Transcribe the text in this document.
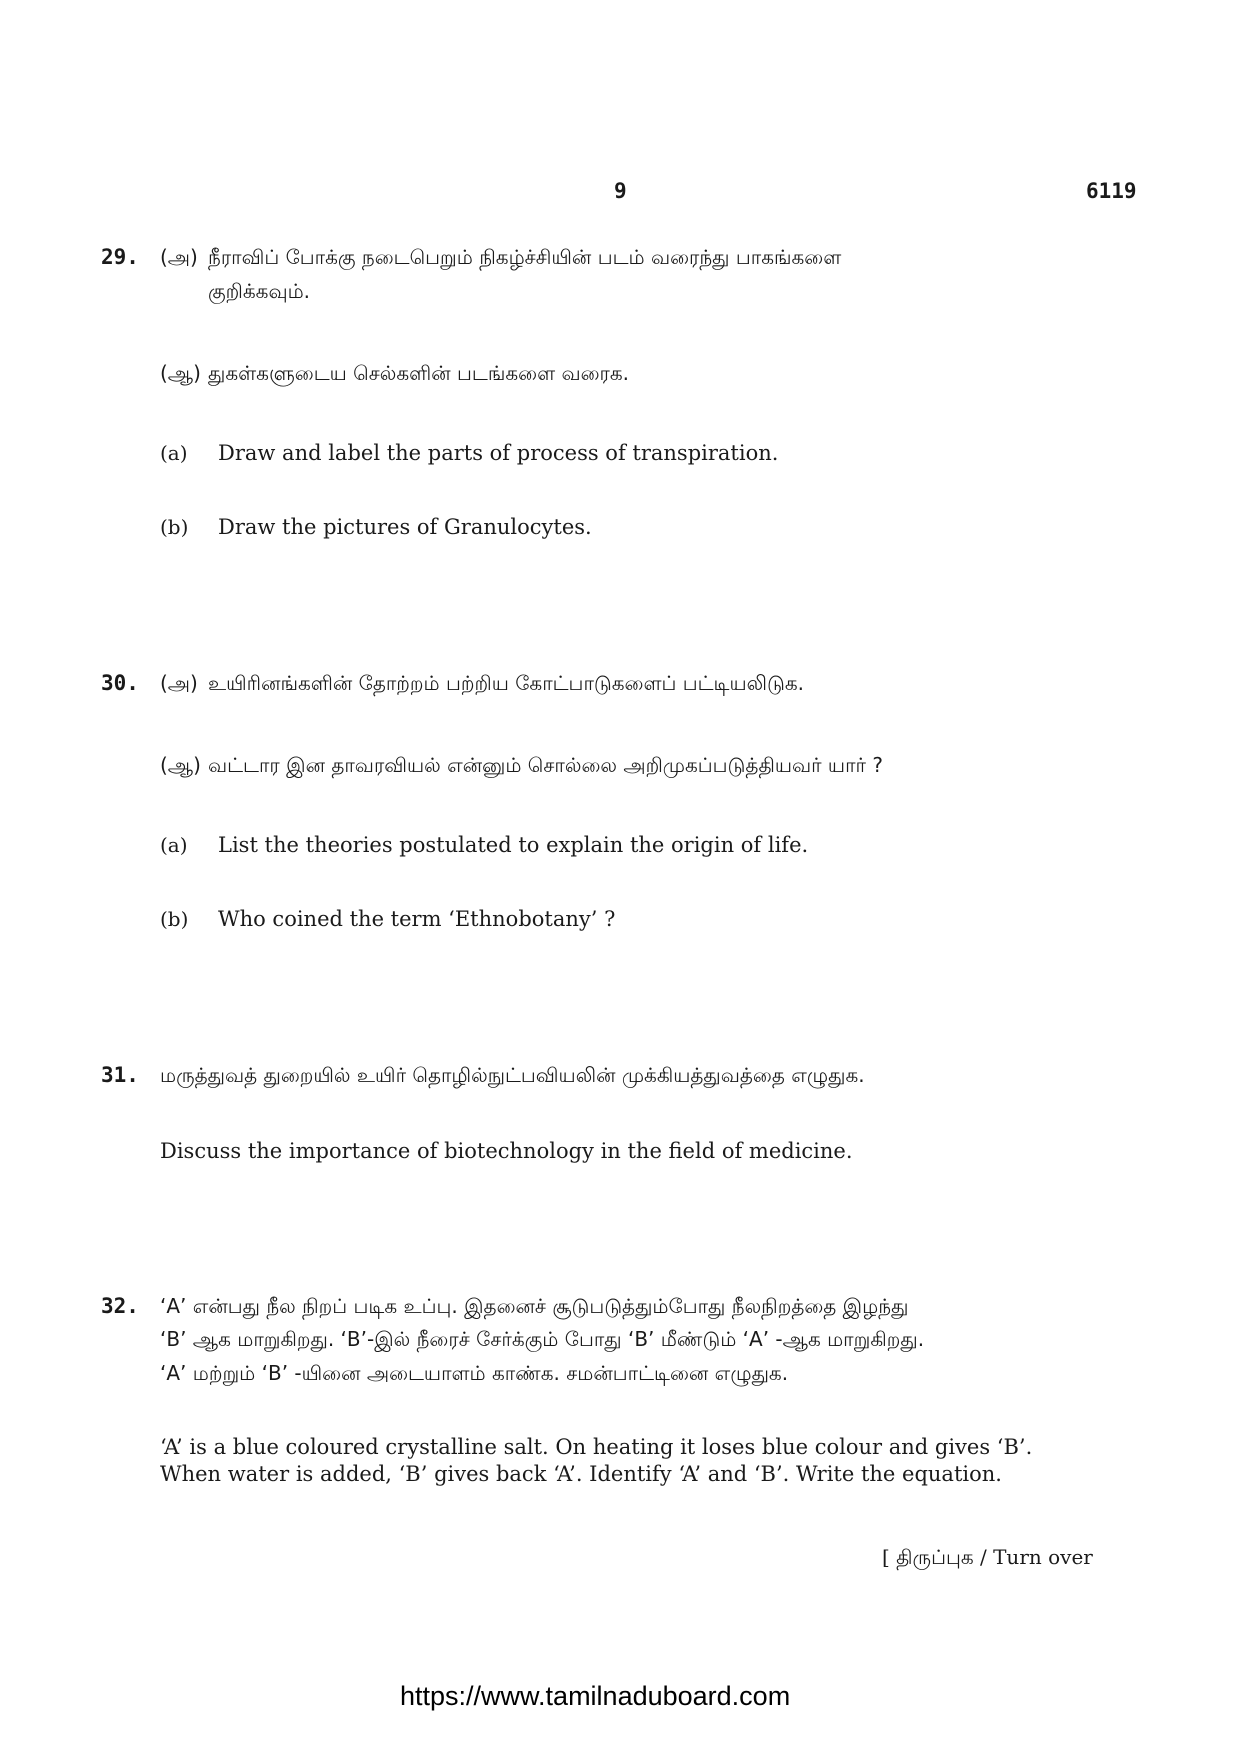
9	6119
29. (அ) நீராவிப் போக்கு நடைபெறும் நிகழ்ச்சியின் படம் வரைந்து பாகங்களை
குறிக்கவும்.
(ஆ) துகள்களுடைய செல்களின் படங்களை வரைக.
(a) Draw and label the parts of process of transpiration.
(b) Draw the pictures of Granulocytes.
30. (அ) உயிரினங்களின் தோற்றம் பற்றிய கோட்பாடுகளைப் பட்டியலிடுக.
(ஆ) வட்டார இன தாவரவியல் என்னும் சொல்லை அறிமுகப்படுத்தியவர் யார் ?
(a) List the theories postulated to explain the origin of life.
(b) Who coined the term ‘Ethnobotany’ ?
31. மருத்துவத் துறையில் உயிர் தொழில்நுட்பவியலின் முக்கியத்துவத்தை எழுதுக.
Discuss the importance of biotechnology in the field of medicine.
32. ‘A’ என்பது நீல நிறப் படிக உப்பு. இதனைச் சூடுபடுத்தும்போது நீலநிறத்தை இழந்து
‘B’ ஆக மாறுகிறது. ‘B’-இல் நீரைச் சேர்க்கும் போது ‘B’ மீண்டும் ‘A’ -ஆக மாறுகிறது.
‘A’ மற்றும் ‘B’ -யினை அடையாளம் காண்க. சமன்பாட்டினை எழுதுக.
‘A’ is a blue coloured crystalline salt. On heating it loses blue colour and gives ‘B’.
When water is added, ‘B’ gives back ‘A’. Identify ‘A’ and ‘B’. Write the equation.
[ திருப்புக / Turn over
https://www.tamilnaduboard.com
